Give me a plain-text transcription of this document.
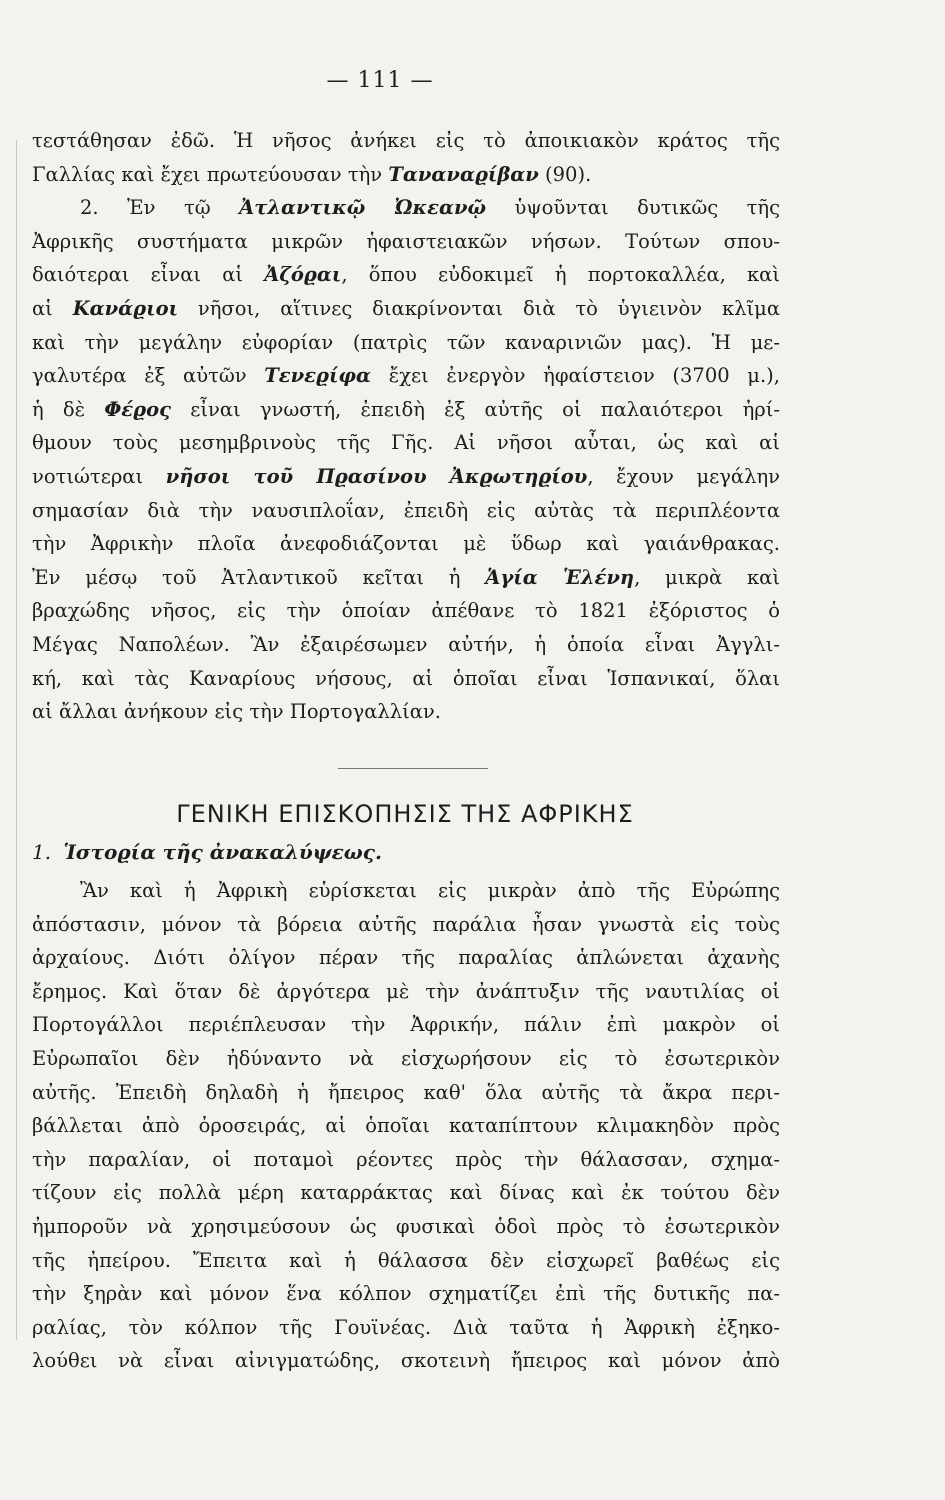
— 111 —
τεστάθησαν ἐδῶ. Ἡ νῆσος ἀνήκει εἰς τὸ ἀποικιακὸν κράτος τῆς
Γαλλίας καὶ ἔχει πρωτεύουσαν τὴν Ταναναϱίβαν (90).
2. Ἐν τῷ Ἀτλαντικῷ Ὠκεανῷ ὑψοῦνται δυτικῶς τῆς
Ἀφρικῆς συστήματα μικρῶν ἡφαιστειακῶν νήσων. Τούτων σπου-
δαιότεραι εἶναι αἱ Ἀζόϱαι, ὅπου εὐδοκιμεῖ ἡ πορτοκαλλέα, καὶ
αἱ Κανάϱιοι νῆσοι, αἵτινες διακρίνονται διὰ τὸ ὑγιεινὸν κλῖμα
καὶ τὴν μεγάλην εὐφορίαν (πατρὶς τῶν καναρινιῶν μας). Ἡ με-
γαλυτέρα ἐξ αὐτῶν Τενεϱίφα ἔχει ἐνεργὸν ἡφαίστειον (3700 μ.),
ἡ δὲ Φέϱος εἶναι γνωστή, ἐπειδὴ ἐξ αὐτῆς οἱ παλαιότεροι ἠρί-
θμουν τοὺς μεσημβρινοὺς τῆς Γῆς. Αἱ νῆσοι αὗται, ὡς καὶ αἱ
νοτιώτεραι νῆσοι τοῦ Πϱασίνου Ἀκϱωτηϱίου, ἔχουν μεγάλην
σημασίαν διὰ τὴν ναυσιπλοΐαν, ἐπειδὴ εἰς αὐτὰς τὰ περιπλέοντα
τὴν Ἀφρικὴν πλοῖα ἀνεφοδιάζονται μὲ ὕδωρ καὶ γαιάνθρακας.
Ἐν μέσῳ τοῦ Ἀτλαντικοῦ κεῖται ἡ Ἁγία Ἑλένη, μικρὰ καὶ
βραχώδης νῆσος, εἰς τὴν ὁποίαν ἀπέθανε τὸ 1821 ἐξόριστος ὁ
Μέγας Ναπολέων. Ἂν ἐξαιρέσωμεν αὐτήν, ἡ ὁποία εἶναι Ἀγγλι-
κή, καὶ τὰς Καναρίους νήσους, αἱ ὁποῖαι εἶναι Ἱσπανικαί, ὅλαι
αἱ ἄλλαι ἀνήκουν εἰς τὴν Πορτογαλλίαν.
ΓΕΝΙΚΗ ΕΠΙΣΚΟΠΗΣΙΣ ΤΗΣ ΑΦΡΙΚΗΣ
1. Ἱστοϱία τῆς ἀνακαλύψεως.
Ἂν καὶ ἡ Ἀφρικὴ εὑρίσκεται εἰς μικρὰν ἀπὸ τῆς Εὐρώπης
ἀπόστασιν, μόνον τὰ βόρεια αὐτῆς παράλια ἦσαν γνωστὰ εἰς τοὺς
ἀρχαίους. Διότι ὀλίγον πέραν τῆς παραλίας ἁπλώνεται ἀχανὴς
ἔρημος. Καὶ ὅταν δὲ ἀργότερα μὲ τὴν ἀνάπτυξιν τῆς ναυτιλίας οἱ
Πορτογάλλοι περιέπλευσαν τὴν Ἀφρικήν, πάλιν ἐπὶ μακρὸν οἱ
Εὐρωπαῖοι δὲν ἠδύναντο νὰ εἰσχωρήσουν εἰς τὸ ἐσωτερικὸν
αὐτῆς. Ἐπειδὴ δηλαδὴ ἡ ἤπειρος καθ' ὅλα αὐτῆς τὰ ἄκρα περι-
βάλλεται ἀπὸ ὀροσειράς, αἱ ὁποῖαι καταπίπτουν κλιμακηδὸν πρὸς
τὴν παραλίαν, οἱ ποταμοὶ ρέοντες πρὸς τὴν θάλασσαν, σχημα-
τίζουν εἰς πολλὰ μέρη καταρράκτας καὶ δίνας καὶ ἐκ τούτου δὲν
ἠμποροῦν νὰ χρησιμεύσουν ὡς φυσικαὶ ὁδοὶ πρὸς τὸ ἐσωτερικὸν
τῆς ἠπείρου. Ἔπειτα καὶ ἡ θάλασσα δὲν εἰσχωρεῖ βαθέως εἰς
τὴν ξηρὰν καὶ μόνον ἕνα κόλπον σχηματίζει ἐπὶ τῆς δυτικῆς πα-
ραλίας, τὸν κόλπον τῆς Γουϊνέας. Διὰ ταῦτα ἡ Ἀφρικὴ ἐξηκο-
λούθει νὰ εἶναι αἰνιγματώδης, σκοτεινὴ ἤπειρος καὶ μόνον ἀπὸ
